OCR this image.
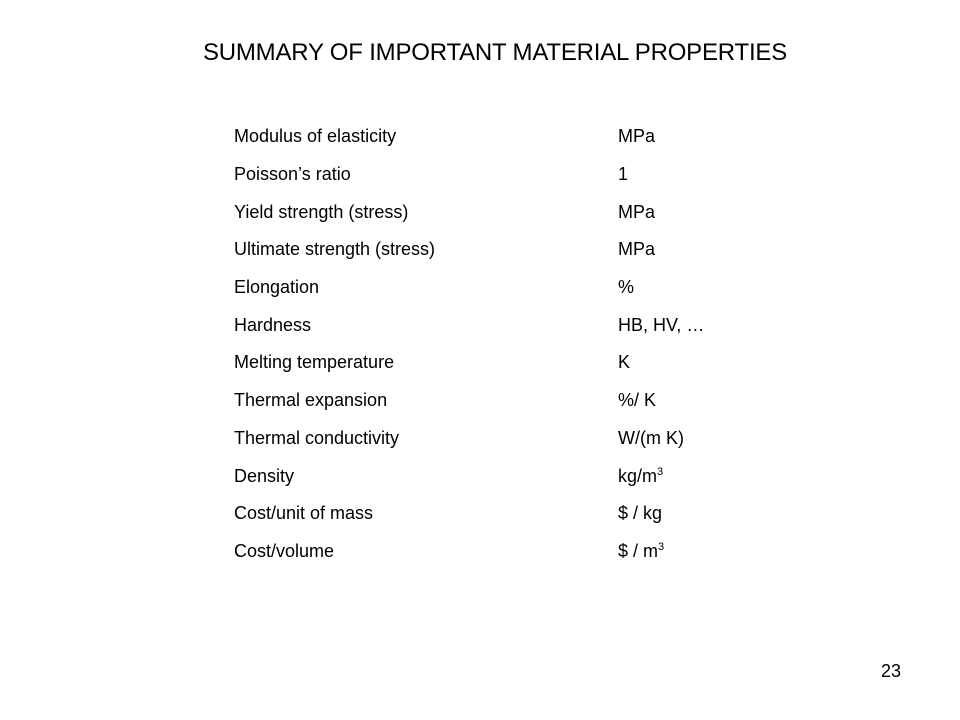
SUMMARY OF IMPORTANT MATERIAL PROPERTIES
Modulus of elasticity	MPa
Poisson’s ratio	1
Yield strength (stress)	MPa
Ultimate strength (stress)	MPa
Elongation	%
Hardness	HB, HV, …
Melting temperature	K
Thermal expansion	%/ K
Thermal conductivity	W/(m K)
Density	$kg/m^3$
Cost/unit of mass	$ / kg
Cost/volume	$ / $m^3$
23
